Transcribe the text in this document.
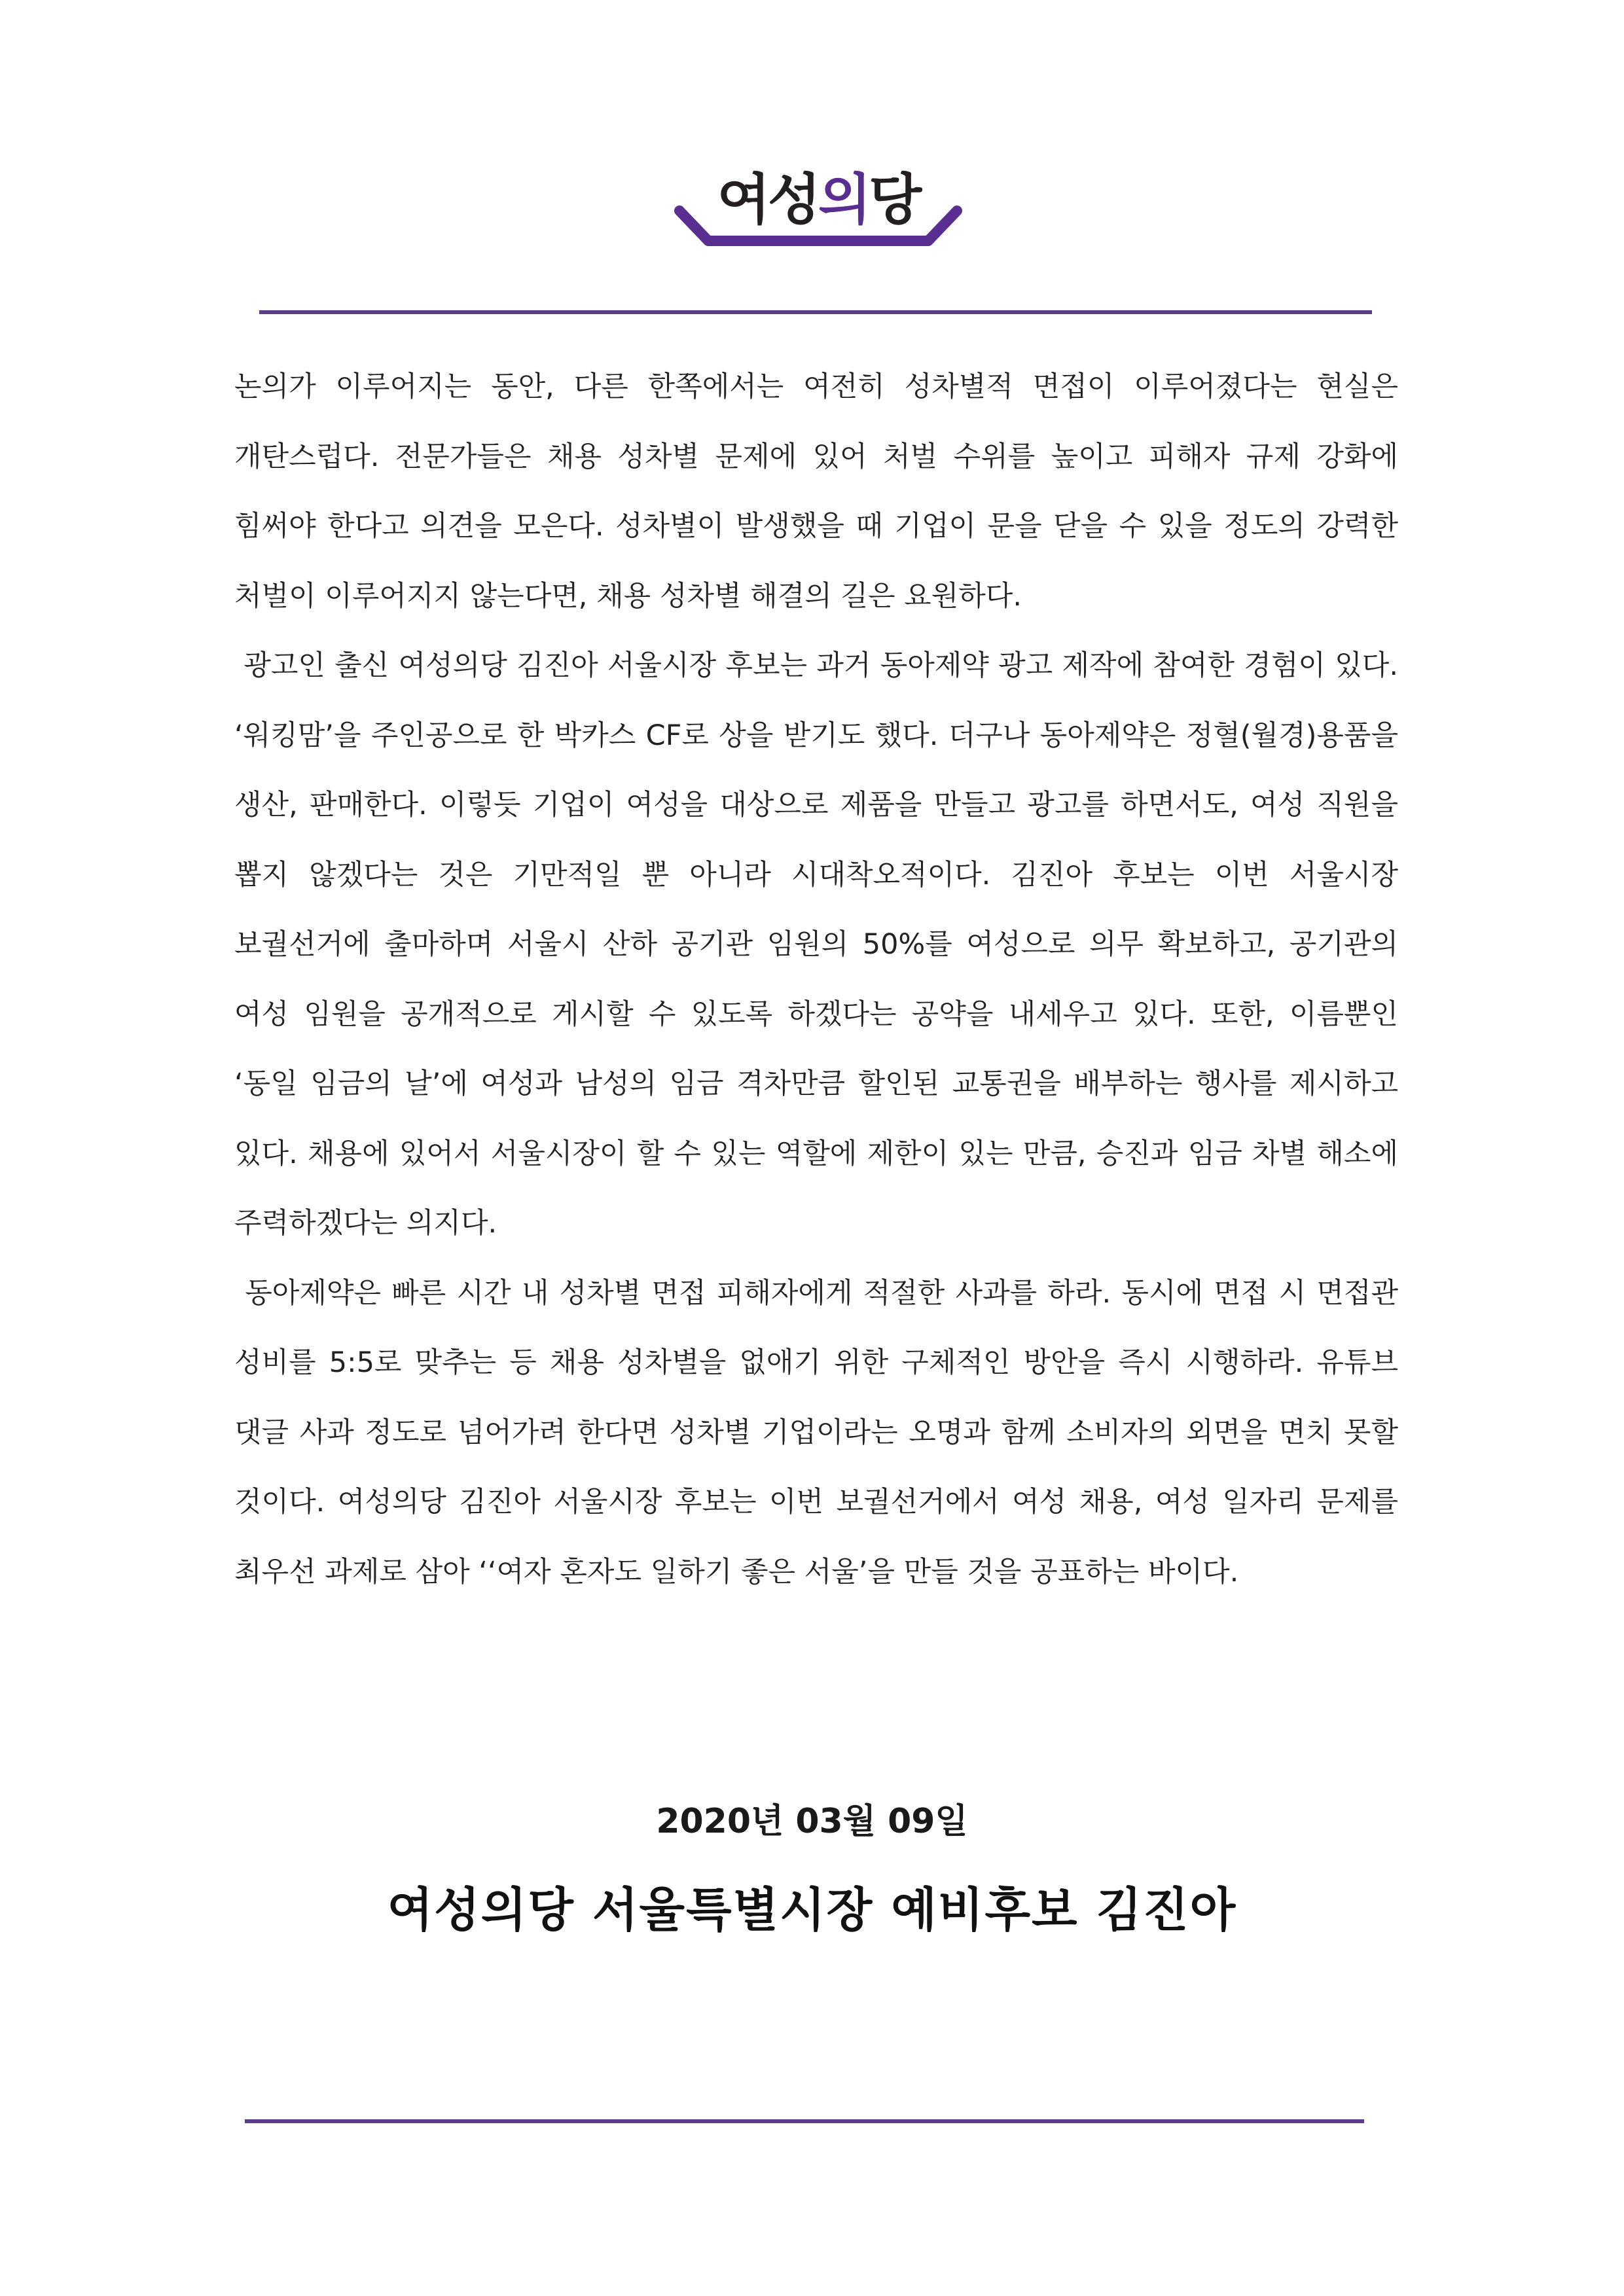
여성의당

논의가 이루어지는 동안, 다른 한쪽에서는 여전히 성차별적 면접이 이루어졌다는 현실은 개탄스럽다. 전문가들은 채용 성차별 문제에 있어 처벌 수위를 높이고 피해자 규제 강화에 힘써야 한다고 의견을 모은다. 성차별이 발생했을 때 기업이 문을 닫을 수 있을 정도의 강력한 처벌이 이루어지지 않는다면, 채용 성차별 해결의 길은 요원하다.

광고인 출신 여성의당 김진아 서울시장 후보는 과거 동아제약 광고 제작에 참여한 경험이 있다. ‘워킹맘’을 주인공으로 한 박카스 CF로 상을 받기도 했다. 더구나 동아제약은 정혈(월경)용품을 생산, 판매한다. 이렇듯 기업이 여성을 대상으로 제품을 만들고 광고를 하면서도, 여성 직원을 뽑지 않겠다는 것은 기만적일 뿐 아니라 시대착오적이다. 김진아 후보는 이번 서울시장 보궐선거에 출마하며 서울시 산하 공기관 임원의 50%를 여성으로 의무 확보하고, 공기관의 여성 임원을 공개적으로 게시할 수 있도록 하겠다는 공약을 내세우고 있다. 또한, 이름뿐인 ‘동일 임금의 날’에 여성과 남성의 임금 격차만큼 할인된 교통권을 배부하는 행사를 제시하고 있다. 채용에 있어서 서울시장이 할 수 있는 역할에 제한이 있는 만큼, 승진과 임금 차별 해소에 주력하겠다는 의지다.

동아제약은 빠른 시간 내 성차별 면접 피해자에게 적절한 사과를 하라. 동시에 면접 시 면접관 성비를 5:5로 맞추는 등 채용 성차별을 없애기 위한 구체적인 방안을 즉시 시행하라. 유튜브 댓글 사과 정도로 넘어가려 한다면 성차별 기업이라는 오명과 함께 소비자의 외면을 면치 못할 것이다. 여성의당 김진아 서울시장 후보는 이번 보궐선거에서 여성 채용, 여성 일자리 문제를 최우선 과제로 삼아 ‘‘여자 혼자도 일하기 좋은 서울’을 만들 것을 공표하는 바이다.

2020년 03월 09일
여성의당 서울특별시장 예비후보 김진아
